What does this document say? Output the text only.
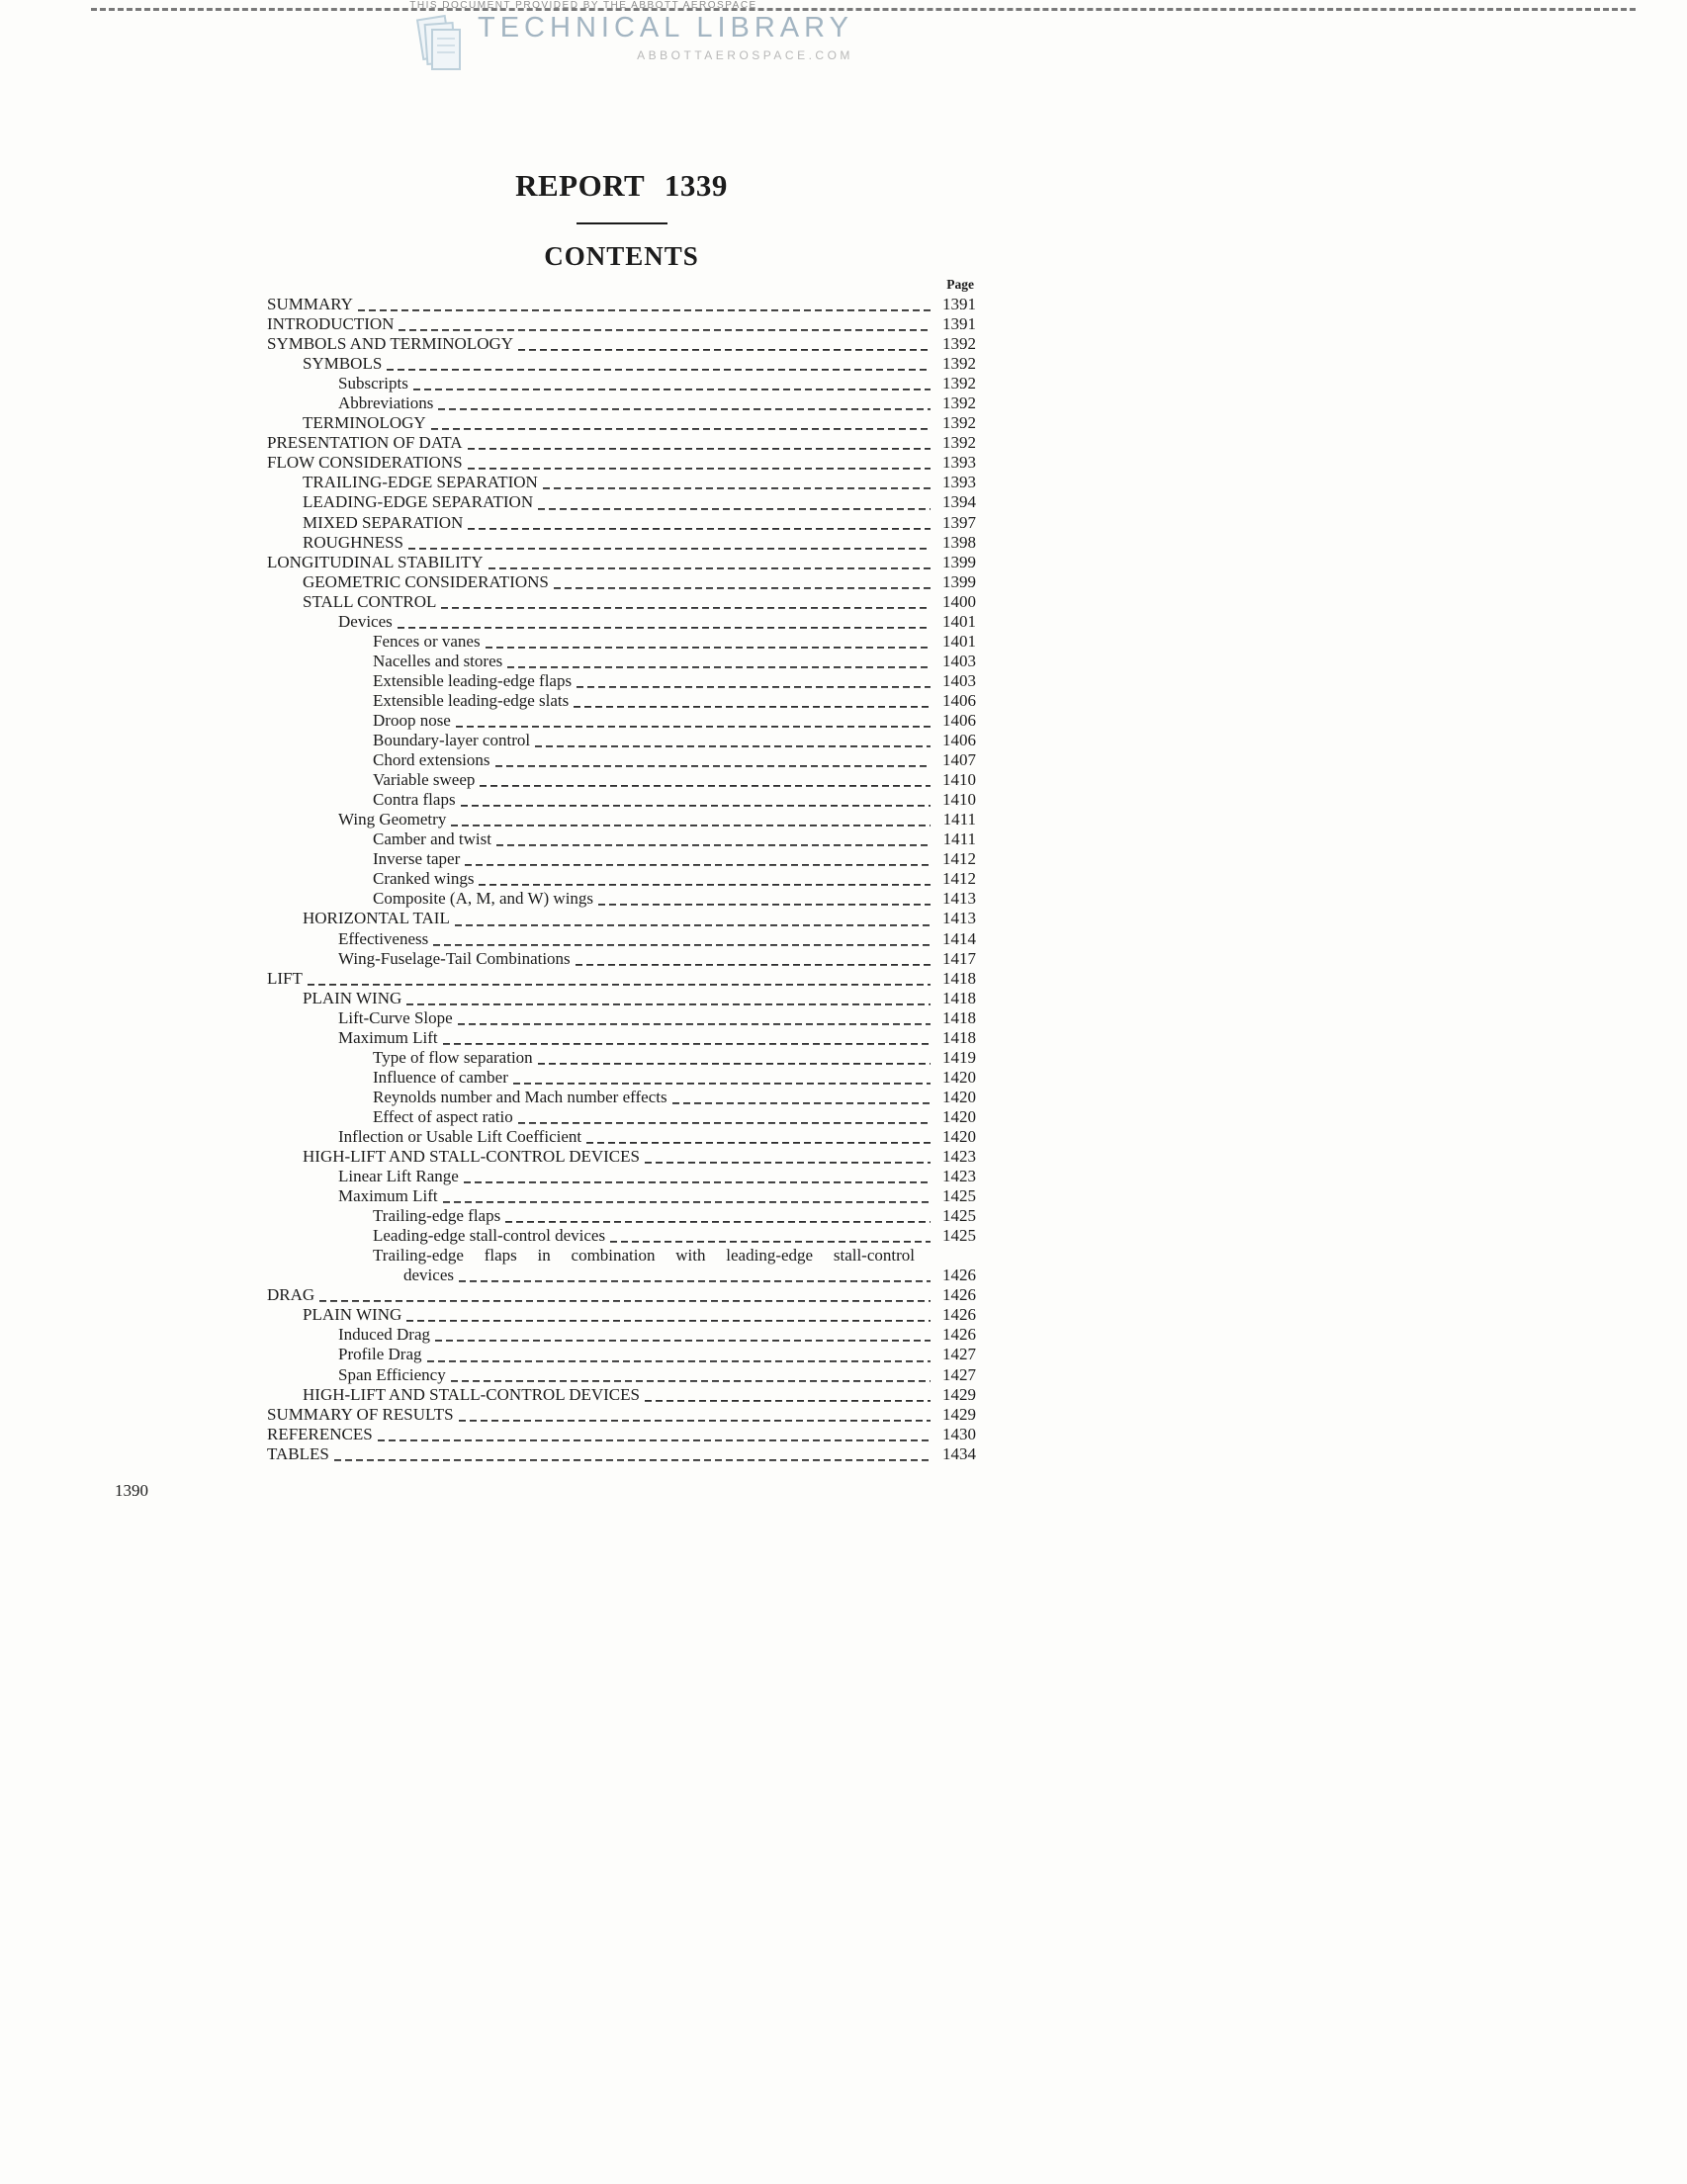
THIS DOCUMENT PROVIDED BY THE ABBOTT AEROSPACE
TECHNICAL LIBRARY
ABBOTTAEROSPACE.COM
REPORT 1339
CONTENTS
Page
SUMMARY	1391
INTRODUCTION	1391
SYMBOLS AND TERMINOLOGY	1392
SYMBOLS	1392
Subscripts	1392
Abbreviations	1392
TERMINOLOGY	1392
PRESENTATION OF DATA	1392
FLOW CONSIDERATIONS	1393
TRAILING-EDGE SEPARATION	1393
LEADING-EDGE SEPARATION	1394
MIXED SEPARATION	1397
ROUGHNESS	1398
LONGITUDINAL STABILITY	1399
GEOMETRIC CONSIDERATIONS	1399
STALL CONTROL	1400
Devices	1401
Fences or vanes	1401
Nacelles and stores	1403
Extensible leading-edge flaps	1403
Extensible leading-edge slats	1406
Droop nose	1406
Boundary-layer control	1406
Chord extensions	1407
Variable sweep	1410
Contra flaps	1410
Wing Geometry	1411
Camber and twist	1411
Inverse taper	1412
Cranked wings	1412
Composite (A, M, and W) wings	1413
HORIZONTAL TAIL	1413
Effectiveness	1414
Wing-Fuselage-Tail Combinations	1417
LIFT	1418
PLAIN WING	1418
Lift-Curve Slope	1418
Maximum Lift	1418
Type of flow separation	1419
Influence of camber	1420
Reynolds number and Mach number effects	1420
Effect of aspect ratio	1420
Inflection or Usable Lift Coefficient	1420
HIGH-LIFT AND STALL-CONTROL DEVICES	1423
Linear Lift Range	1423
Maximum Lift	1425
Trailing-edge flaps	1425
Leading-edge stall-control devices	1425
Trailing-edge flaps in combination with leading-edge stall-control
devices	1426
DRAG	1426
PLAIN WING	1426
Induced Drag	1426
Profile Drag	1427
Span Efficiency	1427
HIGH-LIFT AND STALL-CONTROL DEVICES	1429
SUMMARY OF RESULTS	1429
REFERENCES	1430
TABLES	1434
1390
